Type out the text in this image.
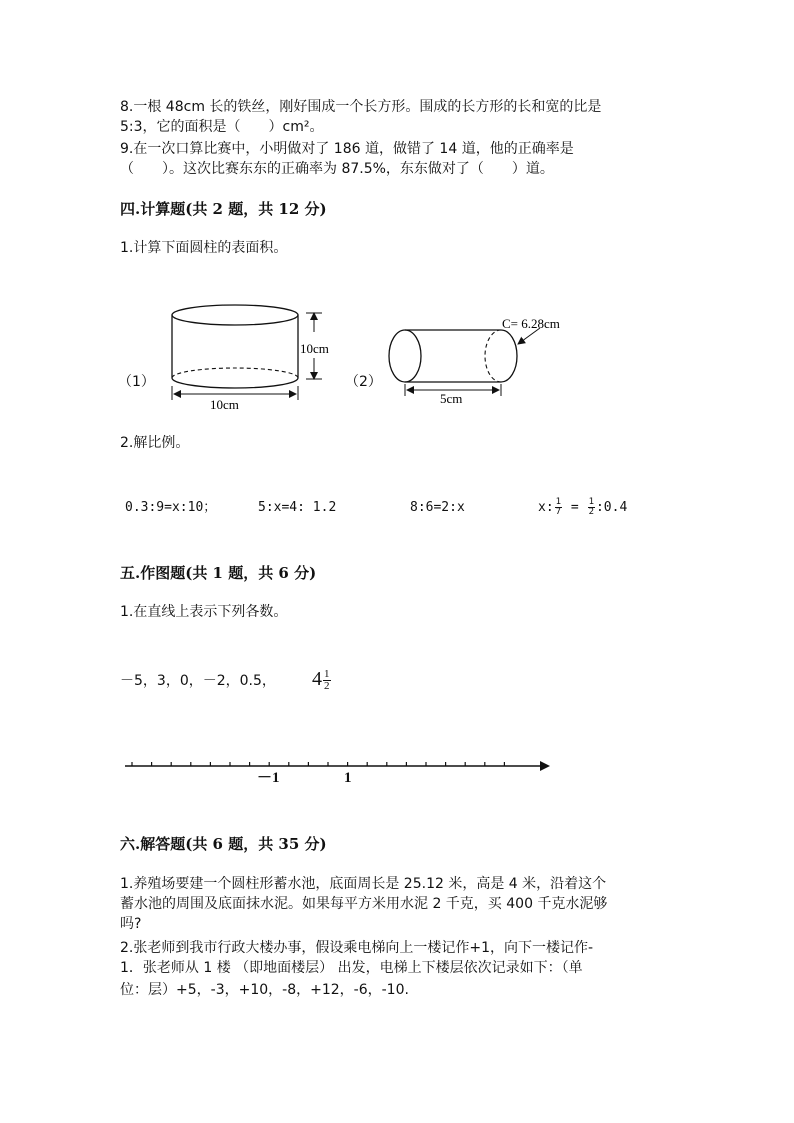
8.一根 48cm 长的铁丝，刚好围成一个长方形。围成的长方形的长和宽的比是
5:3，它的面积是（　　）cm²。
9.在一次口算比赛中，小明做对了 186 道，做错了 14 道，他的正确率是
（　　）。这次比赛东东的正确率为 87.5%，东东做对了（　　）道。
四.计算题(共 2 题，共 12 分)
1.计算下面圆柱的表面积。
10cm
10cm
C= 6.28cm
5cm
（1）	（2）
2.解比例。
0.3:9=x:10；	5:x=4: 1.2	8:6=2:x	x: $\frac{1}{7} = \frac{1}{2}$ :0.4
五.作图题(共 1 题，共 6 分)
1.在直线上表示下列各数。
－5，3，0，－2，0.5， $4 \frac{1}{2}$
－1	1
六.解答题(共 6 题，共 35 分)
1.养殖场要建一个圆柱形蓄水池，底面周长是 25.12 米，高是 4 米，沿着这个
蓄水池的周围及底面抹水泥。如果每平方米用水泥 2 千克，买 400 千克水泥够
吗?
2.张老师到我市行政大楼办事，假设乘电梯向上一楼记作+1，向下一楼记作-
1．张老师从 1 楼 （即地面楼层） 出发，电梯上下楼层依次记录如下：（单
位：层）+5，-3，+10，-8，+12，-6，-10.
